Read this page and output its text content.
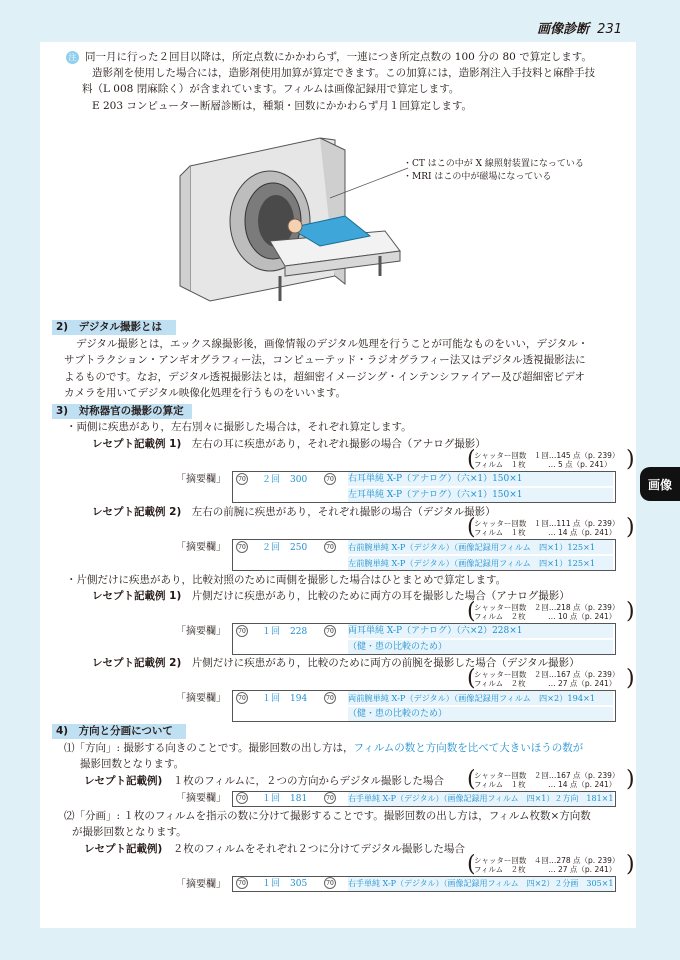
画像診断 231
画像
注 同一月に行った２回目以降は，所定点数にかかわらず，一連につき所定点数の 100 分の 80 で算定します。
造影剤を使用した場合には，造影剤使用加算が算定できます。この加算には，造影剤注入手技料と麻酔手技
料（L 008 閉麻除く）が含まれています。フィルムは画像記録用で算定します。
E 203 コンピューター断層診断は，種類・回数にかかわらず月１回算定します。
・CT はこの中が X 線照射装置になっている
・MRI はこの中が磁場になっている
2)　デジタル撮影とは
デジタル撮影とは，エックス線撮影後，画像情報のデジタル処理を行うことが可能なものをいい，デジタル・
サブトラクション・アンギオグラフィー法，コンピューテッド・ラジオグラフィー法又はデジタル透視撮影法に
よるものです。なお，デジタル透視撮影法とは，超細密イメージング・インテンシファイアー及び超細密ビデオ
カメラを用いてデジタル映像化処理を行うものをいいます。
3)　対称器官の撮影の算定
・両側に疾患があり，左右別々に撮影した場合は，それぞれ算定します。
レセプト記載例 1)　 左右の耳に疾患があり，それぞれ撮影の場合（アナログ撮影）
(
シャッター回数　１回…145 点（p. 239）
フィルム　１枚　　　… 5 点（p. 241） )
「摘要欄」	70 ２回 300	70 右耳単純 X-P（アナログ）（六×1）150×1
左耳単純 X-P（アナログ）（六×1）150×1
レセプト記載例 2)　 左右の前腕に疾患があり，それぞれ撮影の場合（デジタル撮影）
(
シャッター回数　１回…111 点（p. 239）
フィルム　１枚　　　… 14 点（p. 241） )
「摘要欄」	70 ２回 250	70 右前腕単純 X-P（デジタル）（画像記録用フィルム　四×1）125×1
左前腕単純 X-P（デジタル）（画像記録用フィルム　四×1）125×1
・片側だけに疾患があり，比較対照のために両側を撮影した場合はひとまとめで算定します。
レセプト記載例 1)　 片側だけに疾患があり，比較のために両方の耳を撮影した場合（アナログ撮影）
(
シャッター回数　２回…218 点（p. 239）
フィルム　２枚　　　… 10 点（p. 241） )
「摘要欄」	70 １回 228	70 両耳単純 X-P（アナログ）（六×2）228×1
（健・患の比較のため）
レセプト記載例 2)　 片側だけに疾患があり，比較のために両方の前腕を撮影した場合（デジタル撮影）
(
シャッター回数　２回…167 点（p. 239）
フィルム　２枚　　　… 27 点（p. 241） )
「摘要欄」	70 １回 194	70 両前腕単純 X-P（デジタル）（画像記録用フィルム　四×2）194×1
（健・患の比較のため）
4)　方向と分画について
⑴「方向」: 撮影する向きのことです。撮影回数の出し方は，フィルムの数と方向数を比べて大きいほうの数が
撮影回数となります。
レセプト記載例)　 １枚のフィルムに，２つの方向からデジタル撮影した場合 (
シャッター回数　２回…167 点（p. 239）
フィルム　１枚　　　… 14 点（p. 241） )
「摘要欄」	70 １回 181	70 右手単純 X-P（デジタル）（画像記録用フィルム　四×1）２方向　181×1
⑵「分画」: １枚のフィルムを指示の数に分けて撮影することです。撮影回数の出し方は，フィルム枚数×方向数
が撮影回数となります。
レセプト記載例)　 ２枚のフィルムをそれぞれ２つに分けてデジタル撮影した場合
(
シャッター回数　４回…278 点（p. 239）
フィルム　２枚　　　… 27 点（p. 241） )
「摘要欄」	70 １回 305	70 右手単純 X-P（デジタル）（画像記録用フィルム　四×2）２分画　305×1
